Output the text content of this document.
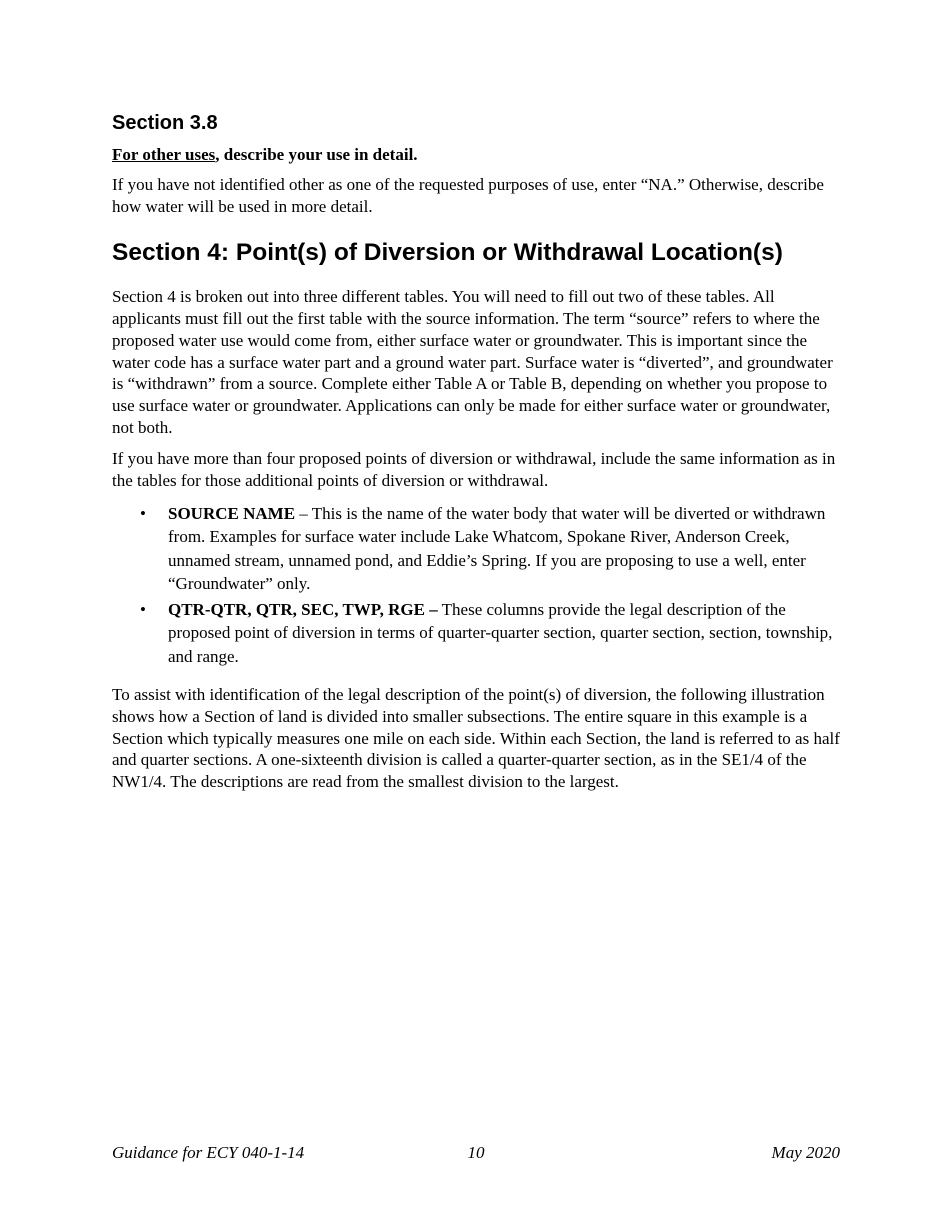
Section 3.8
For other uses, describe your use in detail.

If you have not identified other as one of the requested purposes of use, enter “NA.” Otherwise, describe how water will be used in more detail.

Section 4: Point(s) of Diversion or Withdrawal Location(s)

Section 4 is broken out into three different tables. You will need to fill out two of these tables. All applicants must fill out the first table with the source information. The term “source” refers to where the proposed water use would come from, either surface water or groundwater. This is important since the water code has a surface water part and a ground water part. Surface water is “diverted”, and groundwater is “withdrawn” from a source. Complete either Table A or Table B, depending on whether you propose to use surface water or groundwater. Applications can only be made for either surface water or groundwater, not both.

If you have more than four proposed points of diversion or withdrawal, include the same information as in the tables for those additional points of diversion or withdrawal.

• SOURCE NAME – This is the name of the water body that water will be diverted or withdrawn from. Examples for surface water include Lake Whatcom, Spokane River, Anderson Creek, unnamed stream, unnamed pond, and Eddie’s Spring. If you are proposing to use a well, enter “Groundwater” only.
• QTR-QTR, QTR, SEC, TWP, RGE – These columns provide the legal description of the proposed point of diversion in terms of quarter-quarter section, quarter section, section, township, and range.

To assist with identification of the legal description of the point(s) of diversion, the following illustration shows how a Section of land is divided into smaller subsections. The entire square in this example is a Section which typically measures one mile on each side. Within each Section, the land is referred to as half and quarter sections. A one-sixteenth division is called a quarter-quarter section, as in the SE1/4 of the NW1/4. The descriptions are read from the smallest division to the largest.

Guidance for ECY 040-1-14	10	May 2020
